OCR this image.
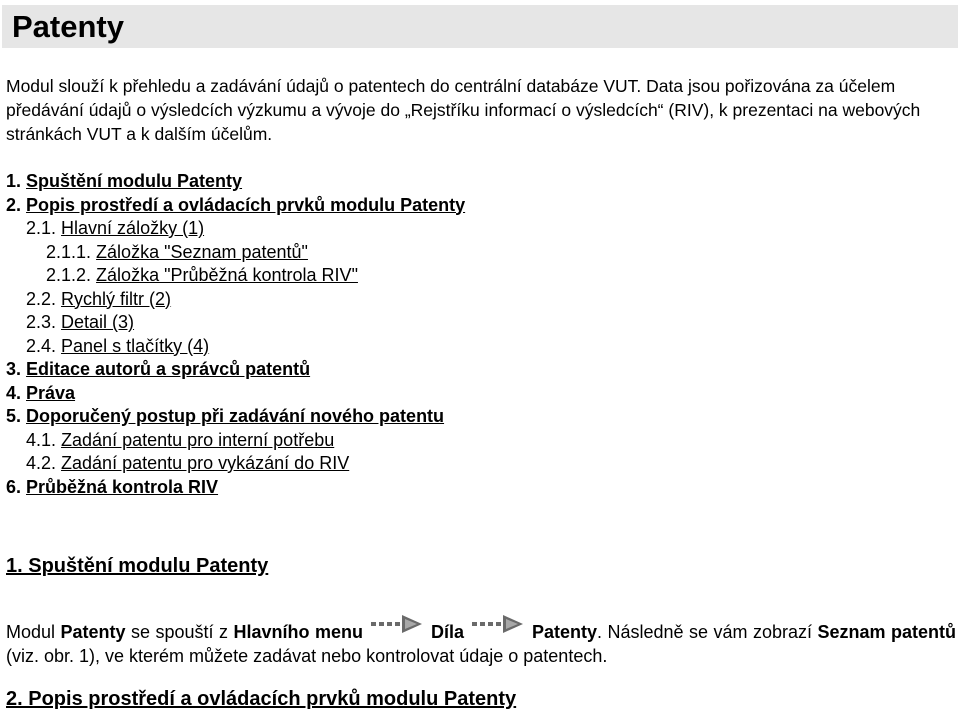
Patenty

Modul slouží k přehledu a zadávání údajů o patentech do centrální databáze VUT. Data jsou pořizována za účelem předávání údajů o výsledcích výzkumu a vývoje do „Rejstříku informací o výsledcích“ (RIV), k prezentaci na webových stránkách VUT a k dalším účelům.

1. Spuštění modulu Patenty
2. Popis prostředí a ovládacích prvků modulu Patenty
2.1. Hlavní záložky (1)
2.1.1. Záložka "Seznam patentů"
2.1.2. Záložka "Průběžná kontrola RIV"
2.2. Rychlý filtr (2)
2.3. Detail (3)
2.4. Panel s tlačítky (4)
3. Editace autorů a správců patentů
4. Práva
5. Doporučený postup při zadávání nového patentu
4.1. Zadání patentu pro interní potřebu
4.2. Zadání patentu pro vykázání do RIV
6. Průběžná kontrola RIV
1. Spuštění modulu Patenty

Modul Patenty se spouští z Hlavního menu	Díla	Patenty. Následně se vám zobrazí Seznam patentů (viz. obr. 1), ve kterém můžete zadávat nebo kontrolovat údaje o patentech.

2. Popis prostředí a ovládacích prvků modulu Patenty
